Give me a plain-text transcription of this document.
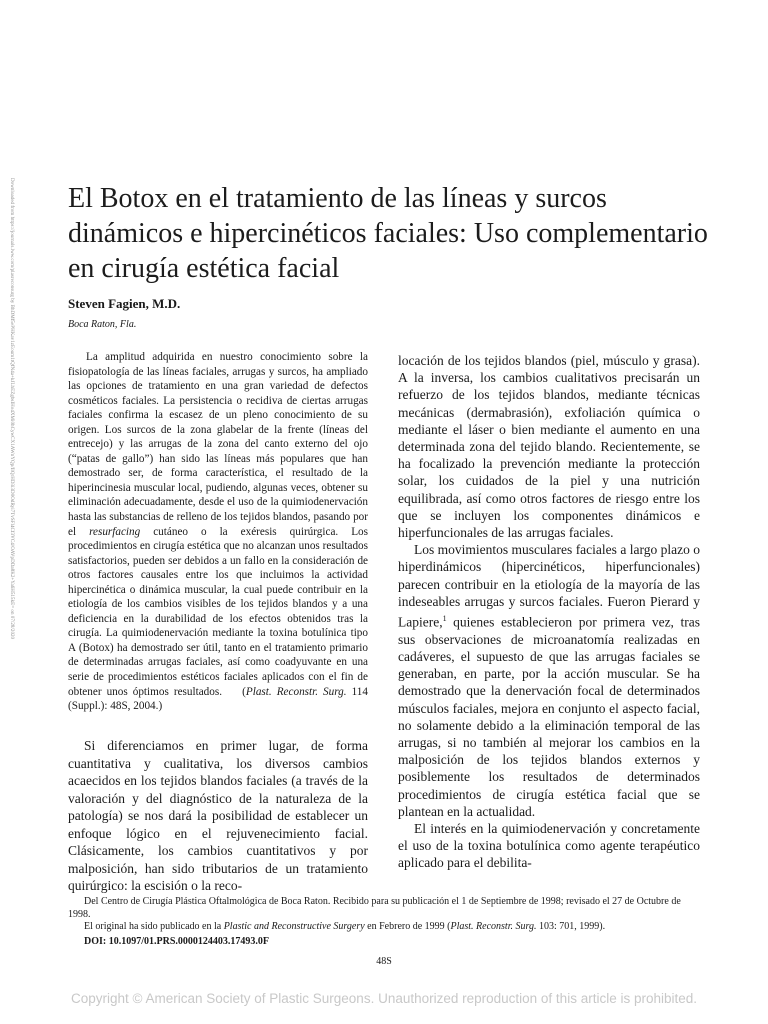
Downloaded from https://journals.lww.com/plasreconsurg by BhDMf5ePHKav1zEoum1tQfN4a+kJLhEZgbsIHo4XMi0hCywCX1AWnYQp/IlQrHD3i3D0OdRyi7TvSFl4Cf3VC4/OAVpDDa8K2+Ya6H515kE= on 07/28/2020 El Botox en el tratamiento de las líneas y surcos dinámicos e hipercinéticos faciales: Uso complementario en cirugía estética facial
Steven Fagien, M.D.
Boca Raton, Fla.

La amplitud adquirida en nuestro conocimiento sobre la fisiopatología de las líneas faciales, arrugas y surcos, ha ampliado las opciones de tratamiento en una gran variedad de defectos cosméticos faciales. La persistencia o recidiva de ciertas arrugas faciales confirma la escasez de un pleno conocimiento de su origen. Los surcos de la zona glabelar de la frente (líneas del entrecejo) y las arrugas de la zona del canto externo del ojo (“patas de gallo”) han sido las líneas más populares que han demostrado ser, de forma característica, el resultado de la hiperincinesia muscular local, pudiendo, algunas veces, obtener su eliminación adecuadamente, desde el uso de la quimiodenervación hasta las substancias de relleno de los tejidos blandos, pasando por el resurfacing cutáneo o la exéresis quirúrgica. Los procedimientos en cirugía estética que no alcanzan unos resultados satisfactorios, pueden ser debidos a un fallo en la consideración de otros factores causales entre los que incluimos la actividad hipercinética o dinámica muscular, la cual puede contribuir en la etiología de los cambios visibles de los tejidos blandos y a una deficiencia en la durabilidad de los efectos obtenidos tras la cirugía. La quimiodenervación mediante la toxina botulínica tipo A (Botox) ha demostrado ser útil, tanto en el tratamiento primario de determinadas arrugas faciales, así como coadyuvante en una serie de procedimientos estéticos faciales aplicados con el fin de obtener unos óptimos resultados.    (Plast. Reconstr. Surg. 114 (Suppl.): 48S, 2004.)

Si diferenciamos en primer lugar, de forma cuantitativa y cualitativa, los diversos cambios acaecidos en los tejidos blandos faciales (a través de la valoración y del diagnóstico de la naturaleza de la patología) se nos dará la posibilidad de establecer un enfoque lógico en el rejuvenecimiento facial. Clásicamente, los cambios cuantitativos y por malposición, han sido tributarios de un tratamiento quirúrgico: la escisión o la reco-

locación de los tejidos blandos (piel, músculo y grasa). A la inversa, los cambios cualitativos precisarán un refuerzo de los tejidos blandos, mediante técnicas mecánicas (dermabrasión), exfoliación química o mediante el láser o bien mediante el aumento en una determinada zona del tejido blando. Recientemente, se ha focalizado la prevención mediante la protección solar, los cuidados de la piel y una nutrición equilibrada, así como otros factores de riesgo entre los que se incluyen los componentes dinámicos e hiperfuncionales de las arrugas faciales.

Los movimientos musculares faciales a largo plazo o hiperdinámicos (hipercinéticos, hiperfuncionales) parecen contribuir en la etiología de la mayoría de las indeseables arrugas y surcos faciales. Fueron Pierard y Lapiere,$^1$ quienes establecieron por primera vez, tras sus observaciones de microanatomía realizadas en cadáveres, el supuesto de que las arrugas faciales se generaban, en parte, por la acción muscular. Se ha demostrado que la denervación focal de determinados músculos faciales, mejora en conjunto el aspecto facial, no solamente debido a la eliminación temporal de las arrugas, si no también al mejorar los cambios en la malposición de los tejidos blandos externos y posiblemente los resultados de determinados procedimientos de cirugía estética facial que se plantean en la actualidad.

El interés en la quimiodenervación y concretamente el uso de la toxina botulínica como agente terapéutico aplicado para el debilita-

Del Centro de Cirugía Plástica Oftalmológica de Boca Raton. Recibido para su publicación el 1 de Septiembre de 1998; revisado el 27 de Octubre de 1998.

El original ha sido publicado en la Plastic and Reconstructive Surgery en Febrero de 1999 (Plast. Reconstr. Surg. 103: 701, 1999).

DOI: 10.1097/01.PRS.0000124403.17493.0F

48S
Copyright © American Society of Plastic Surgeons. Unauthorized reproduction of this article is prohibited.
